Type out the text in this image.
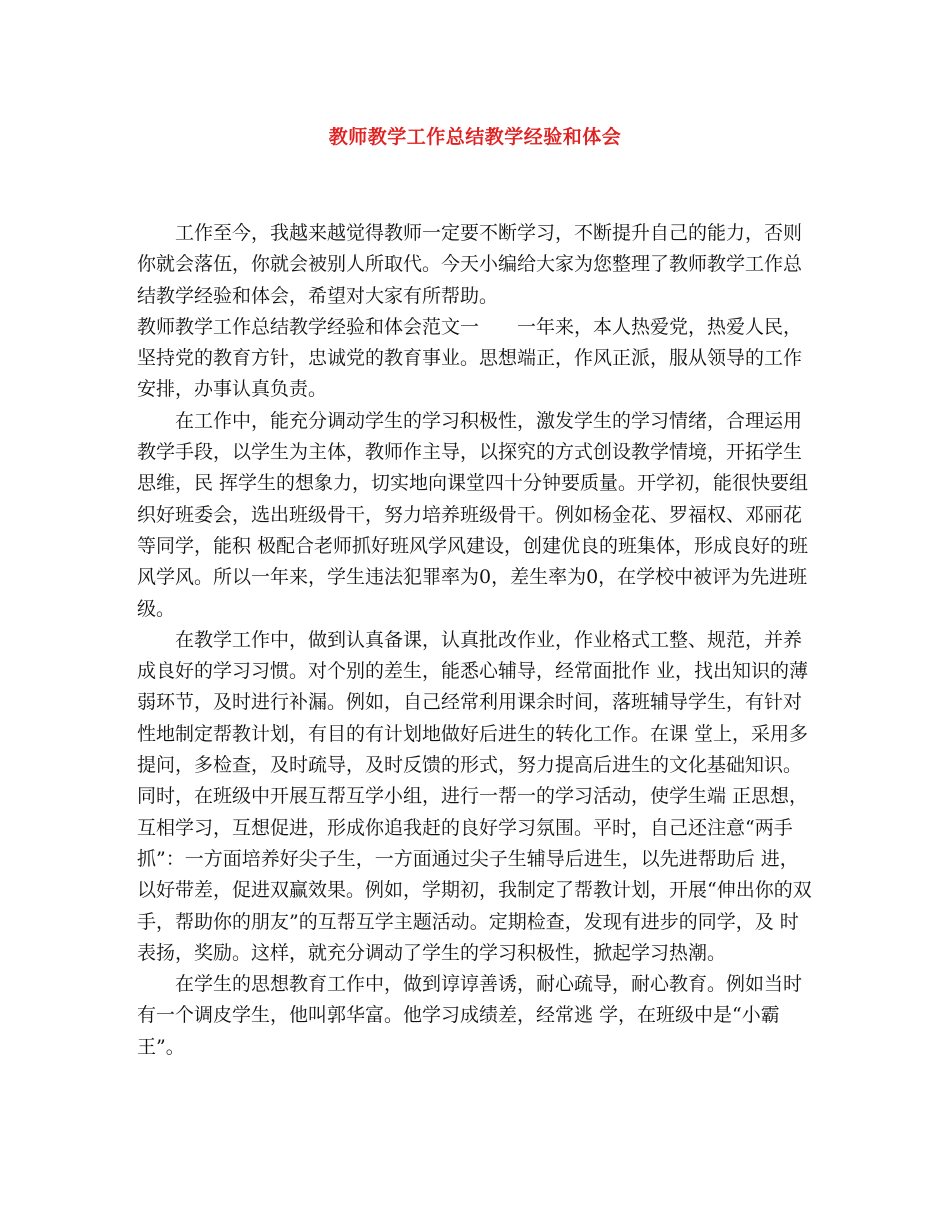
教师教学工作总结教学经验和体会

工作至今，我越来越觉得教师一定要不断学习，不断提升自己的能力，否则你就会落伍，你就会被别人所取代。今天小编给大家为您整理了教师教学工作总结教学经验和体会，希望对大家有所帮助。

教师教学工作总结教学经验和体会范文一　　一年来，本人热爱党，热爱人民，坚持党的教育方针，忠诚党的教育事业。思想端正，作风正派，服从领导的工作安排，办事认真负责。

在工作中，能充分调动学生的学习积极性，激发学生的学习情绪，合理运用教学手段，以学生为主体，教师作主导，以探究的方式创设教学情境，开拓学生思维，民 挥学生的想象力，切实地向课堂四十分钟要质量。开学初，能很快要组织好班委会，选出班级骨干，努力培养班级骨干。例如杨金花、罗福权、邓丽花等同学，能积 极配合老师抓好班风学风建设，创建优良的班集体，形成良好的班风学风。所以一年来，学生违法犯罪率为0，差生率为0，在学校中被评为先进班级。

在教学工作中，做到认真备课，认真批改作业，作业格式工整、规范，并养成良好的学习习惯。对个别的差生，能悉心辅导，经常面批作 业，找出知识的薄弱环节，及时进行补漏。例如，自己经常利用课余时间，落班辅导学生，有针对性地制定帮教计划，有目的有计划地做好后进生的转化工作。在课 堂上，采用多提问，多检查，及时疏导，及时反馈的形式，努力提高后进生的文化基础知识。同时，在班级中开展互帮互学小组，进行一帮一的学习活动，使学生端 正思想，互相学习，互想促进，形成你追我赶的良好学习氛围。平时，自己还注意“两手抓”：一方面培养好尖子生，一方面通过尖子生辅导后进生，以先进帮助后 进，以好带差，促进双赢效果。例如，学期初，我制定了帮教计划，开展“伸出你的双手，帮助你的朋友”的互帮互学主题活动。定期检查，发现有进步的同学，及 时表扬，奖励。这样，就充分调动了学生的学习积极性，掀起学习热潮。

在学生的思想教育工作中，做到谆谆善诱，耐心疏导，耐心教育。例如当时有一个调皮学生，他叫郭华富。他学习成绩差，经常逃 学，在班级中是“小霸王”。
